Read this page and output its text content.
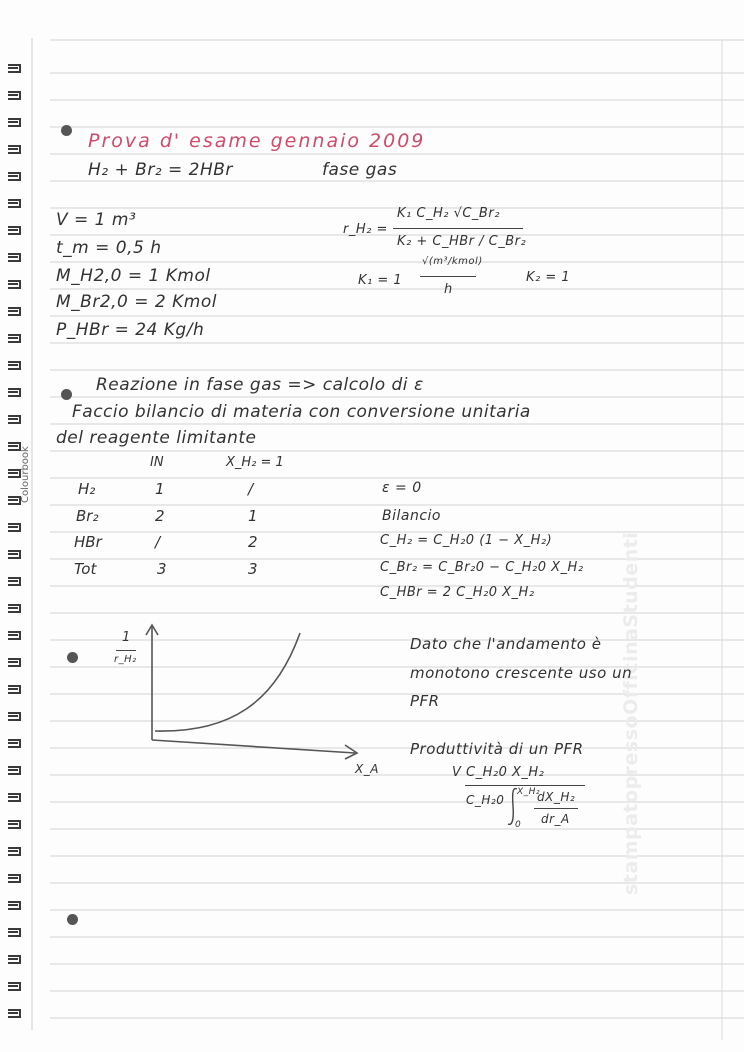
Colourbook
stampatopressoOfficinaStudenti
Prova d' esame gennaio 2009
H₂ + Br₂ = 2HBr	fase gas
V = 1 m³
t_m = 0,5 h
M_H2,0 = 1 Kmol
M_Br2,0 = 2 Kmol
P_HBr = 24 Kg/h
r_H₂ =
K₁ C_H₂ √C_Br₂
K₂ + C_HBr / C_Br₂
K₁ = 1
√(m³/kmol)
h
K₂ = 1
Reazione in fase gas => calcolo di ε
Faccio bilancio di materia con conversione unitaria
del reagente limitante
IN	X_H₂ = 1
H₂	1	/
Br₂	2	1
HBr	/	2
Tot	3	3
ε = 0
Bilancio
C_H₂ = C_H₂0 (1 − X_H₂)
C_Br₂ = C_Br₂0 − C_H₂0 X_H₂
C_HBr = 2 C_H₂0 X_H₂
1
r_H₂
X_A
Dato che l'andamento è
monotono crescente uso un
PFR
Produttività di un PFR
V C_H₂0 X_H₂
C_H₂0
X_H₂
0
dX_H₂
dr_A
